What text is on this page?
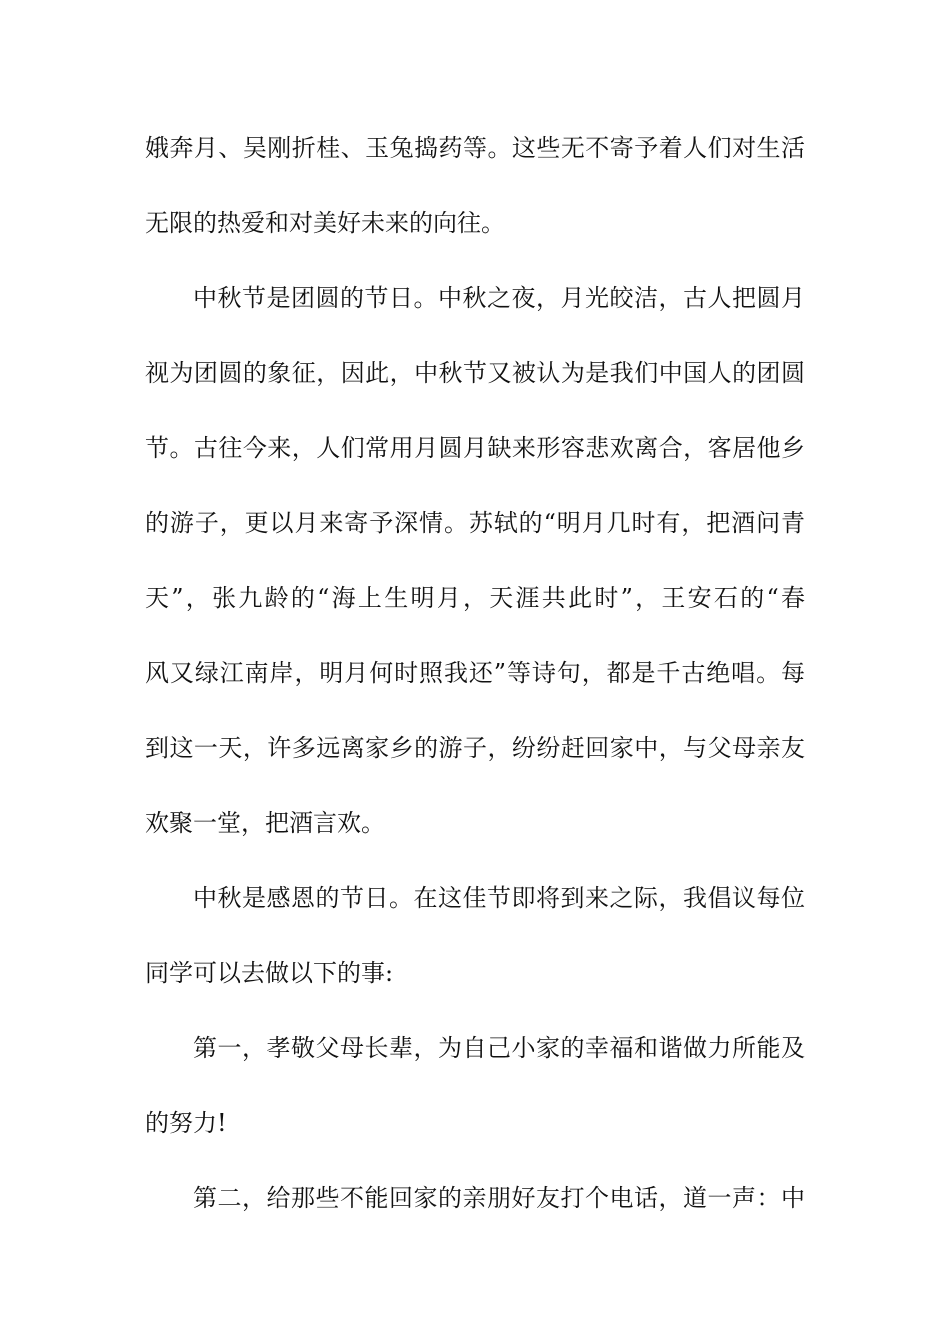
娥奔月、吴刚折桂、玉兔捣药等。这些无不寄予着人们对生活

无限的热爱和对美好未来的向往。

中秋节是团圆的节日。中秋之夜，月光皎洁，古人把圆月

视为团圆的象征，因此，中秋节又被认为是我们中国人的团圆

节。古往今来，人们常用月圆月缺来形容悲欢离合，客居他乡

的游子，更以月来寄予深情。苏轼的“明月几时有，把酒问青

天”，张九龄的“海上生明月，天涯共此时”，王安石的“春

风又绿江南岸，明月何时照我还”等诗句，都是千古绝唱。每

到这一天，许多远离家乡的游子，纷纷赶回家中，与父母亲友

欢聚一堂，把酒言欢。

中秋是感恩的节日。在这佳节即将到来之际，我倡议每位

同学可以去做以下的事:

第一，孝敬父母长辈，为自己小家的幸福和谐做力所能及

的努力!

第二，给那些不能回家的亲朋好友打个电话，道一声：中
